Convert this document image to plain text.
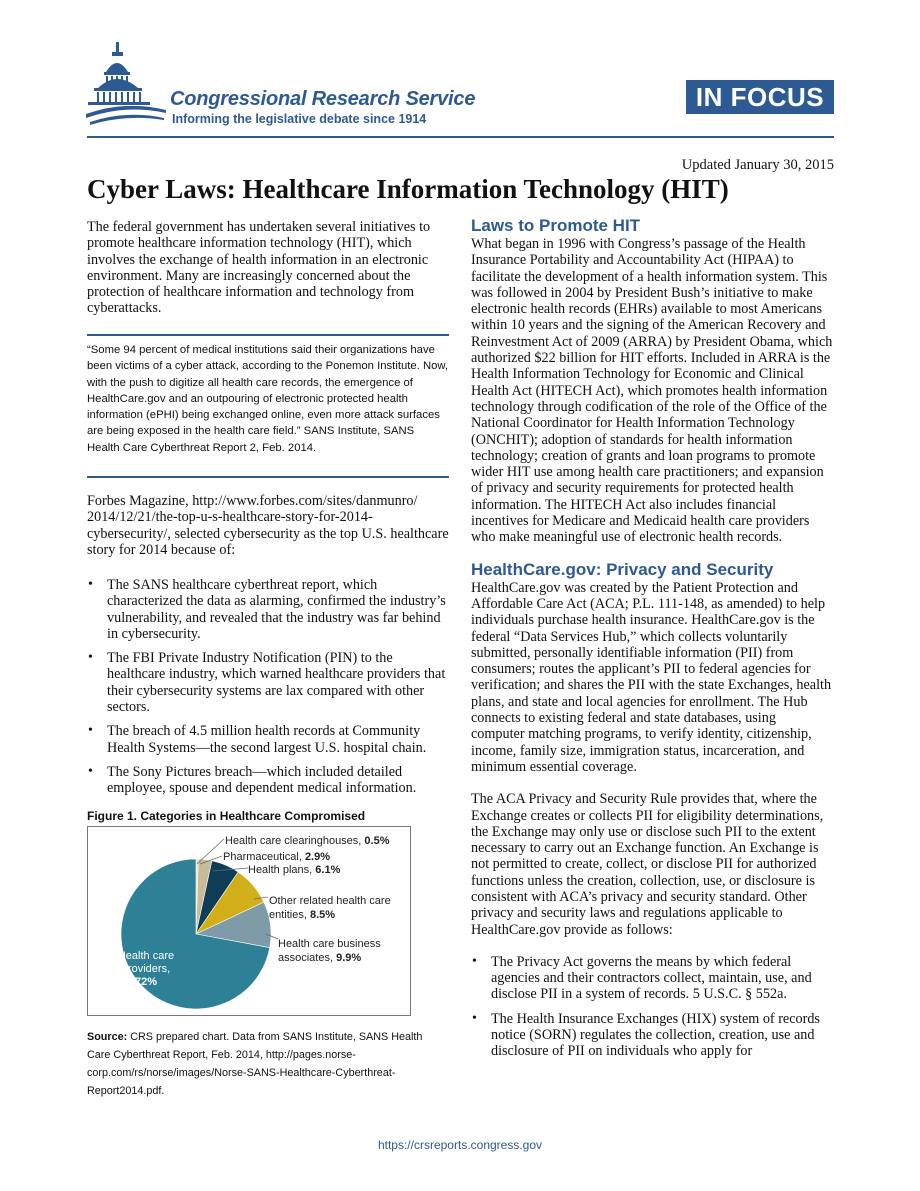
Congressional Research Service
Informing the legislative debate since 1914
IN FOCUS
Updated January 30, 2015
Cyber Laws: Healthcare Information Technology (HIT)

The federal government has undertaken several initiatives to promote healthcare information technology (HIT), which involves the exchange of health information in an electronic environment. Many are increasingly concerned about the protection of healthcare information and technology from cyberattacks.

“Some 94 percent of medical institutions said their organizations have been victims of a cyber attack, according to the Ponemon Institute. Now, with the push to digitize all health care records, the emergence of HealthCare.gov and an outpouring of electronic protected health information (ePHI) being exchanged online, even more attack surfaces are being exposed in the health care field.” SANS Institute, SANS Health Care Cyberthreat Report 2, Feb. 2014.

Forbes Magazine, http://www.forbes.com/sites/danmunro/ 2014/12/21/the-top-u-s-healthcare-story-for-2014-cybersecurity/, selected cybersecurity as the top U.S. healthcare story for 2014 because of:

• The SANS healthcare cyberthreat report, which characterized the data as alarming, confirmed the industry’s vulnerability, and revealed that the industry was far behind in cybersecurity.
• The FBI Private Industry Notification (PIN) to the healthcare industry, which warned healthcare providers that their cybersecurity systems are lax compared with other sectors.
• The breach of 4.5 million health records at Community Health Systems—the second largest U.S. hospital chain.
• The Sony Pictures breach—which included detailed employee, spouse and dependent medical information.
Figure 1. Categories in Healthcare Compromised
Health care clearinghouses, 0.5%
Pharmaceutical, 2.9%
Health plans, 6.1%
Other related health care
entities, 8.5%
Health care business
associates, 9.9%
Health care
providers,
72%
Source: CRS prepared chart. Data from SANS Institute, SANS Health Care Cyberthreat Report, Feb. 2014, http://pages.norse-corp.com/rs/norse/images/Norse-SANS-Healthcare-Cyberthreat-Report2014.pdf.
Laws to Promote HIT

What began in 1996 with Congress’s passage of the Health Insurance Portability and Accountability Act (HIPAA) to facilitate the development of a health information system. This was followed in 2004 by President Bush’s initiative to make electronic health records (EHRs) available to most Americans within 10 years and the signing of the American Recovery and Reinvestment Act of 2009 (ARRA) by President Obama, which authorized $22 billion for HIT efforts. Included in ARRA is the Health Information Technology for Economic and Clinical Health Act (HITECH Act), which promotes health information technology through codification of the role of the Office of the National Coordinator for Health Information Technology (ONCHIT); adoption of standards for health information technology; creation of grants and loan programs to promote wider HIT use among health care practitioners; and expansion of privacy and security requirements for protected health information. The HITECH Act also includes financial incentives for Medicare and Medicaid health care providers who make meaningful use of electronic health records.

HealthCare.gov: Privacy and Security

HealthCare.gov was created by the Patient Protection and Affordable Care Act (ACA; P.L. 111-148, as amended) to help individuals purchase health insurance. HealthCare.gov is the federal “Data Services Hub,” which collects voluntarily submitted, personally identifiable information (PII) from consumers; routes the applicant’s PII to federal agencies for verification; and shares the PII with the state Exchanges, health plans, and state and local agencies for enrollment. The Hub connects to existing federal and state databases, using computer matching programs, to verify identity, citizenship, income, family size, immigration status, incarceration, and minimum essential coverage.

The ACA Privacy and Security Rule provides that, where the Exchange creates or collects PII for eligibility determinations, the Exchange may only use or disclose such PII to the extent necessary to carry out an Exchange function. An Exchange is not permitted to create, collect, or disclose PII for authorized functions unless the creation, collection, use, or disclosure is consistent with ACA’s privacy and security standard. Other privacy and security laws and regulations applicable to HealthCare.gov provide as follows:

• The Privacy Act governs the means by which federal agencies and their contractors collect, maintain, use, and disclose PII in a system of records. 5 U.S.C. § 552a.
• The Health Insurance Exchanges (HIX) system of records notice (SORN) regulates the collection, creation, use and disclosure of PII on individuals who apply for
https://crsreports.congress.gov
